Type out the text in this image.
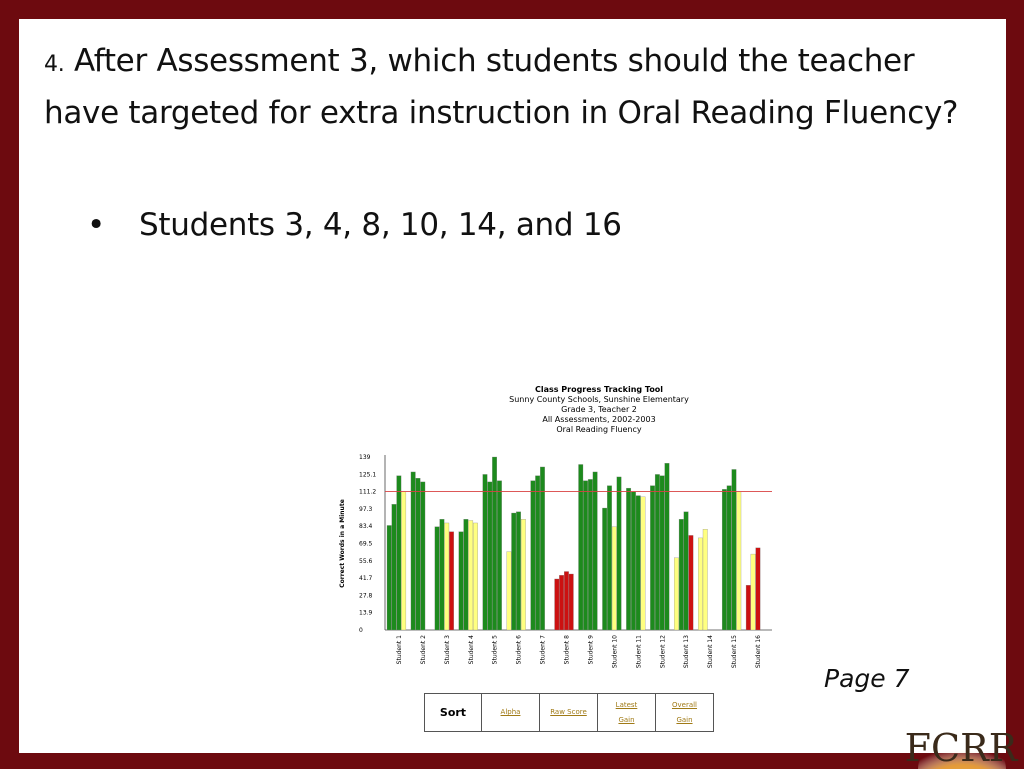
4. After Assessment 3, which students should the teacher have targeted for extra instruction in Oral Reading Fluency?
• Students 3, 4, 8, 10, 14, and 16
Class Progress Tracking Tool
Sunny County Schools, Sunshine Elementary
Grade 3, Teacher 2
All Assessments, 2002-2003
Oral Reading Fluency
Correct Words in a Minute
139
125.1
111.2
97.3
83.4
69.5
55.6
41.7
27.8
13.9
0
Student 1	Student 2	Student 3	Student 4	Student 5	Student 6	Student 7	Student 8	Student 9	Student 10	Student 11	Student 12	Student 13	Student 14	Student 15	Student 16
Page 7
Sort	Alpha	Raw Score	Latest
Gain	Overall
Gain
FCRR
